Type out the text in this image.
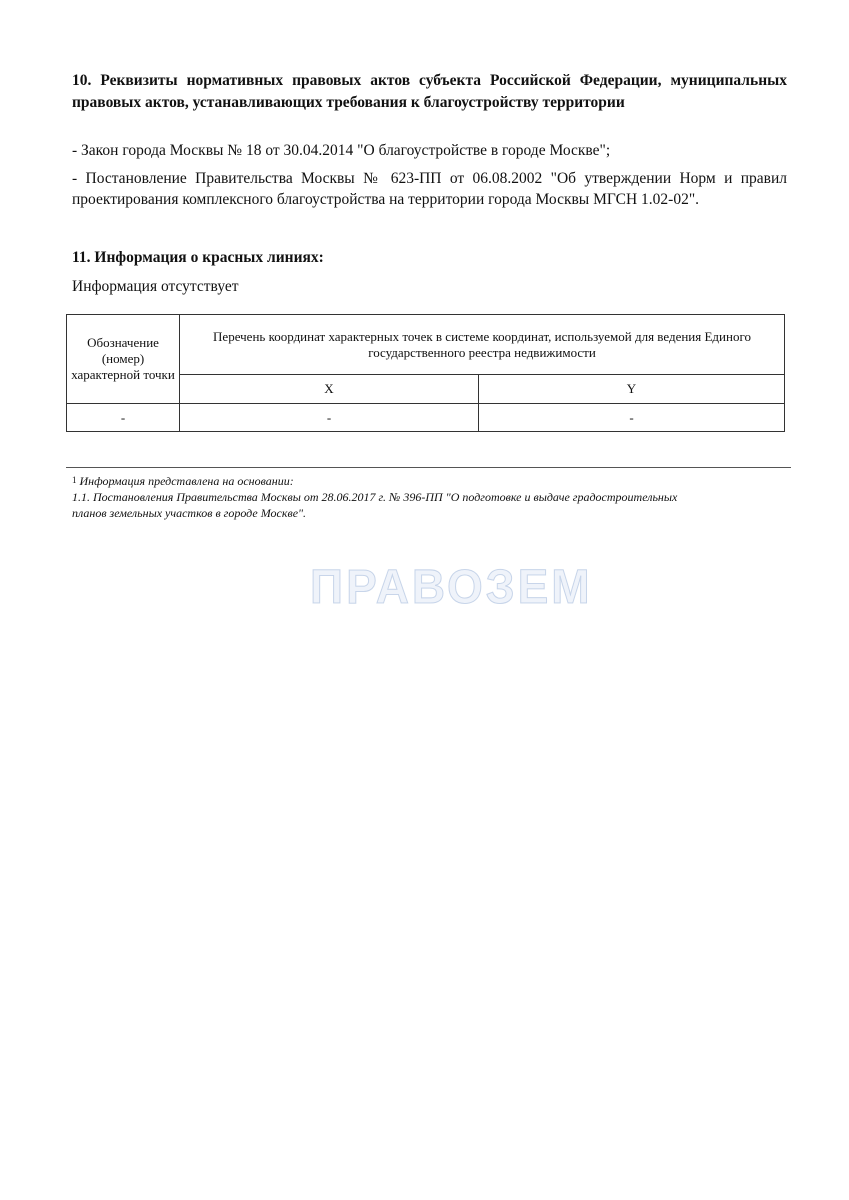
10. Реквизиты нормативных правовых актов субъекта Российской Федерации, муниципальных правовых актов, устанавливающих требования к благоустройству территории

- Закон города Москвы № 18 от 30.04.2014 "О благоустройстве в городе Москве";

- Постановление Правительства Москвы № 623-ПП от 06.08.2002 "Об утверждении Норм и правил проектирования комплексного благоустройства на территории города Москвы МГСН 1.02-02".

11. Информация о красных линиях:

Информация отсутствует

Обозначение (номер) характерной точки	Перечень координат характерных точек в системе координат, используемой для ведения Единого государственного реестра недвижимости	

	X	Y
-	-	-

$^1$ Информация представлена на основании:

1.1. Постановления Правительства Москвы от 28.06.2017 г. № 396-ПП "О подготовке и выдаче градостроительных планов земельных участков в городе Москве".

ПРАВОЗЕМ
